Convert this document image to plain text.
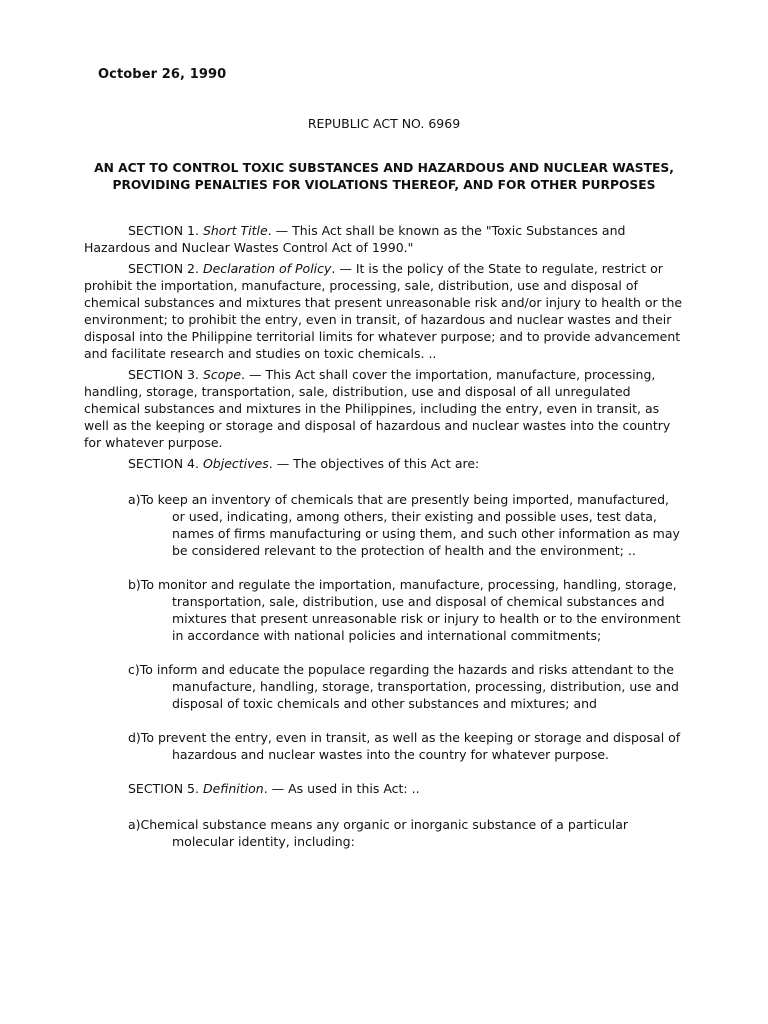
October 26, 1990
REPUBLIC ACT NO. 6969
AN ACT TO CONTROL TOXIC SUBSTANCES AND HAZARDOUS AND NUCLEAR WASTES,
PROVIDING PENALTIES FOR VIOLATIONS THEREOF, AND FOR OTHER PURPOSES

SECTION 1. Short Title. — This Act shall be known as the "Toxic Substances and Hazardous and Nuclear Wastes Control Act of 1990."

SECTION 2. Declaration of Policy. — It is the policy of the State to regulate, restrict or prohibit the importation, manufacture, processing, sale, distribution, use and disposal of chemical substances and mixtures that present unreasonable risk and/or injury to health or the environment; to prohibit the entry, even in transit, of hazardous and nuclear wastes and their disposal into the Philippine territorial limits for whatever purpose; and to provide advancement and facilitate research and studies on toxic chemicals. ..

SECTION 3. Scope. — This Act shall cover the importation, manufacture, processing, handling, storage, transportation, sale, distribution, use and disposal of all unregulated chemical substances and mixtures in the Philippines, including the entry, even in transit, as well as the keeping or storage and disposal of hazardous and nuclear wastes into the country for whatever purpose.

SECTION 4. Objectives. — The objectives of this Act are:

a)To keep an inventory of chemicals that are presently being imported, manufactured, or used, indicating, among others, their existing and possible uses, test data, names of firms manufacturing or using them, and such other information as may be considered relevant to the protection of health and the environment; ..

b)To monitor and regulate the importation, manufacture, processing, handling, storage, transportation, sale, distribution, use and disposal of chemical substances and mixtures that present unreasonable risk or injury to health or to the environment in accordance with national policies and international commitments;

c)To inform and educate the populace regarding the hazards and risks attendant to the manufacture, handling, storage, transportation, processing, distribution, use and disposal of toxic chemicals and other substances and mixtures; and

d)To prevent the entry, even in transit, as well as the keeping or storage and disposal of hazardous and nuclear wastes into the country for whatever purpose.

SECTION 5. Definition. — As used in this Act: ..

a)Chemical substance means any organic or inorganic substance of a particular molecular identity, including:
